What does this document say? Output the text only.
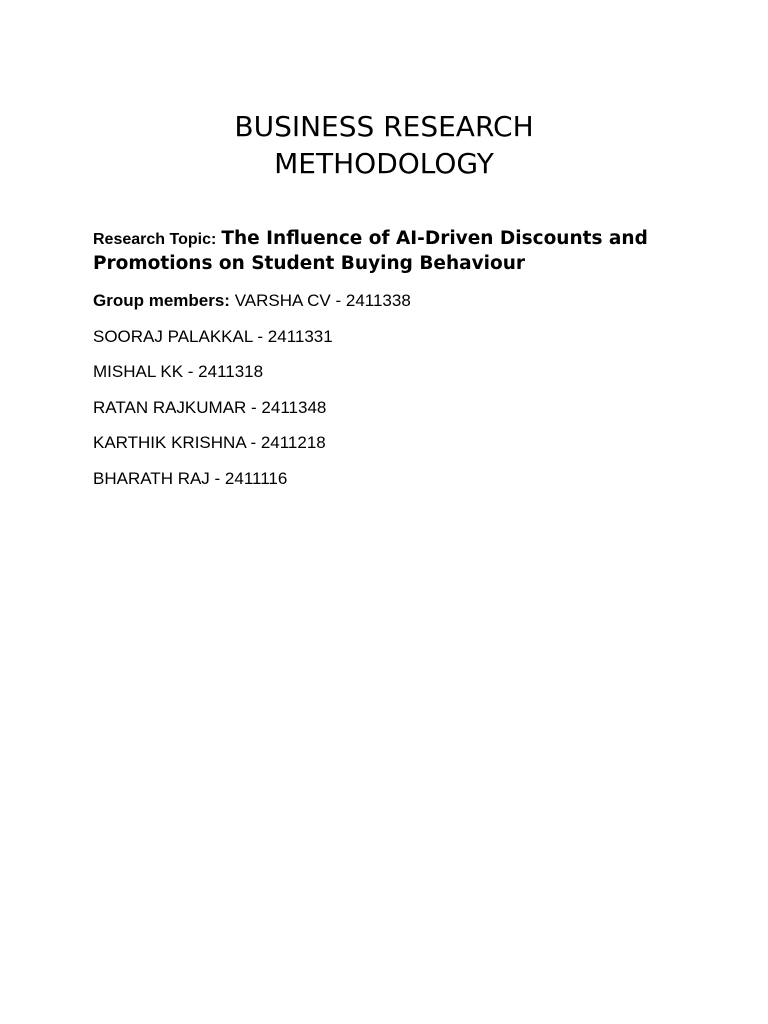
BUSINESS RESEARCH
METHODOLOGY
Research Topic: The Influence of AI-Driven Discounts and Promotions on Student Buying Behaviour
Group members: VARSHA CV - 2411338
SOORAJ PALAKKAL - 2411331
MISHAL KK - 2411318
RATAN RAJKUMAR - 2411348
KARTHIK KRISHNA - 2411218
BHARATH RAJ - 2411116
